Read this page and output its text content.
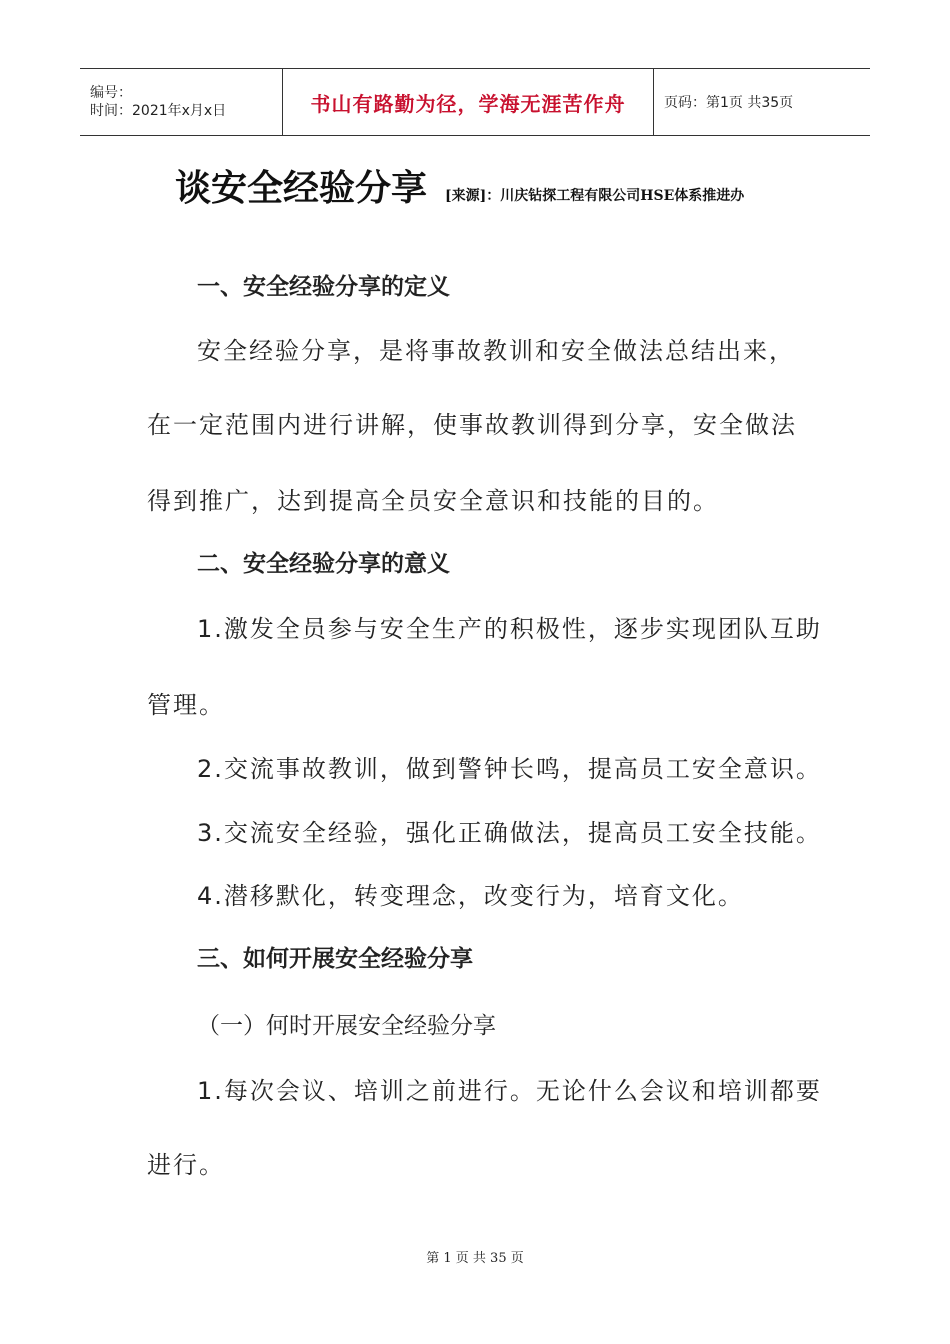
编号：
时间：2021年x月x日	书山有路勤为径，学海无涯苦作舟	页码：第1页 共35页
谈安全经验分享 [来源]：川庆钻探工程有限公司HSE体系推进办
一、安全经验分享的定义
安全经验分享，是将事故教训和安全做法总结出来，
在一定范围内进行讲解，使事故教训得到分享，安全做法
得到推广，达到提高全员安全意识和技能的目的。
二、安全经验分享的意义
1.激发全员参与安全生产的积极性，逐步实现团队互助
管理。
2.交流事故教训，做到警钟长鸣，提高员工安全意识。
3.交流安全经验，强化正确做法，提高员工安全技能。
4.潜移默化，转变理念，改变行为，培育文化。
三、如何开展安全经验分享
（一）何时开展安全经验分享
1.每次会议、培训之前进行。无论什么会议和培训都要
进行。
第 1 页 共 35 页
